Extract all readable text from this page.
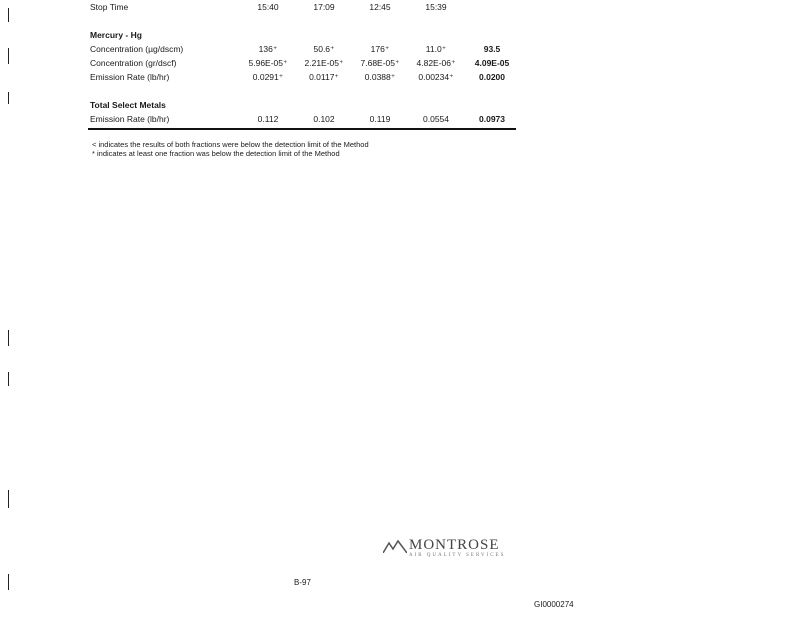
Stop Time	15:40	17:09	12:45	15:39	
Mercury - Hg					
Concentration (µg/dscm)	136⁺	50.6⁺	176⁺	11.0⁺	93.5
Concentration (gr/dscf)	5.96E-05⁺	2.21E-05⁺	7.68E-05⁺	4.82E-06⁺	4.09E-05
Emission Rate (lb/hr)	0.0291⁺	0.0117⁺	0.0388⁺	0.00234⁺	0.0200
Total Select Metals					
Emission Rate (lb/hr)	0.112	0.102	0.119	0.0554	0.0973
< indicates the results of both fractions were below the detection limit of the Method
* indicates at least one fraction was below the detection limit of the Method
MONTROSE
AIR QUALITY SERVICES
B-97
GI0000274
